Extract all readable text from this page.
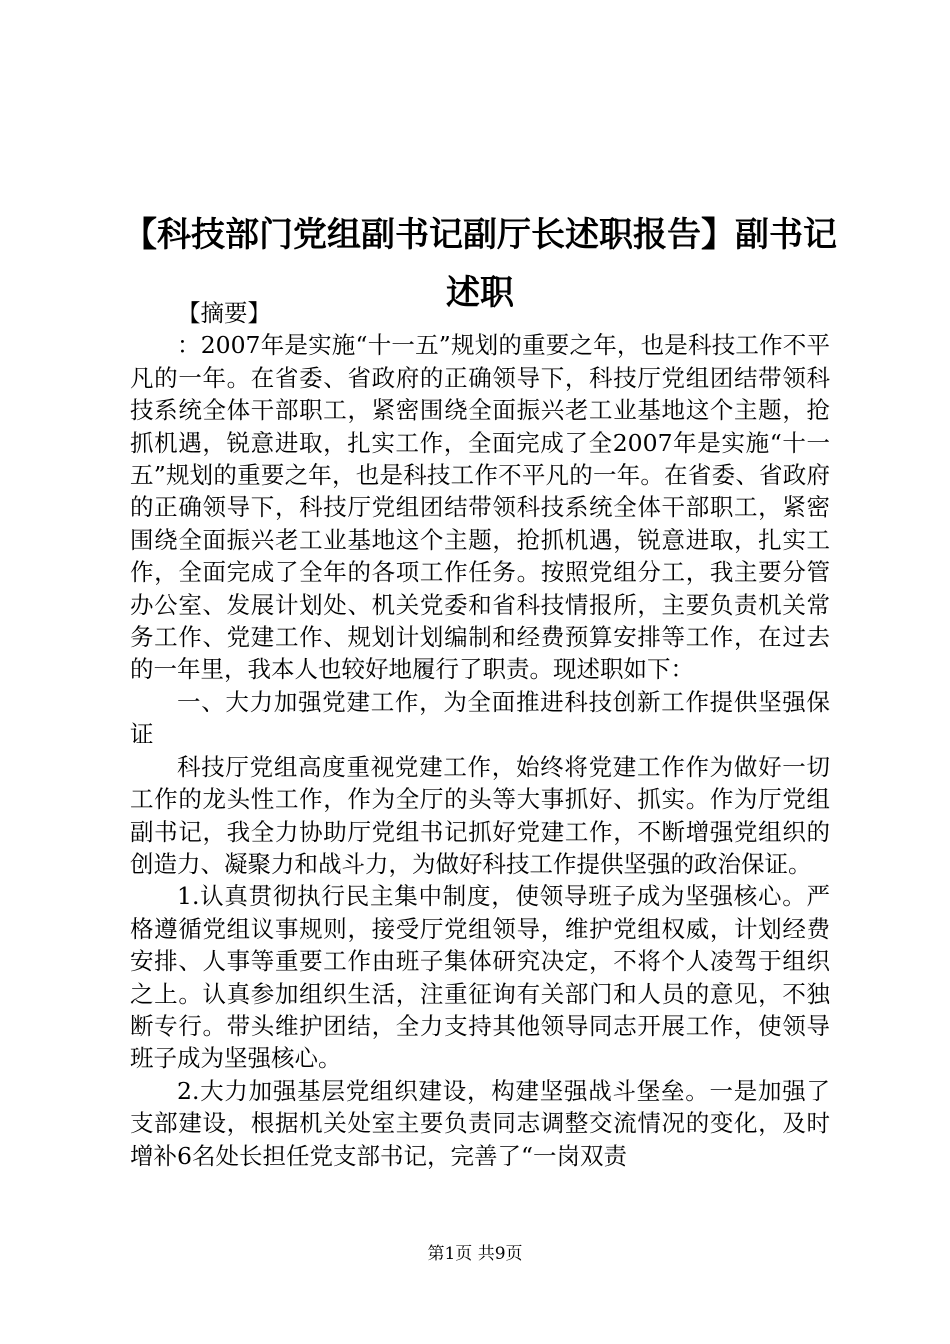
【科技部门党组副书记副厅长述职报告】副书记述职

【摘要】

：2007年是实施“十一五”规划的重要之年，也是科技工作不平凡的一年。在省委、省政府的正确领导下，科技厅党组团结带领科技系统全体干部职工，紧密围绕全面振兴老工业基地这个主题，抢抓机遇，锐意进取，扎实工作，全面完成了全2007年是实施“十一五”规划的重要之年，也是科技工作不平凡的一年。在省委、省政府的正确领导下，科技厅党组团结带领科技系统全体干部职工，紧密围绕全面振兴老工业基地这个主题，抢抓机遇，锐意进取，扎实工作，全面完成了全年的各项工作任务。按照党组分工，我主要分管办公室、发展计划处、机关党委和省科技情报所，主要负责机关常务工作、党建工作、规划计划编制和经费预算安排等工作，在过去的一年里，我本人也较好地履行了职责。现述职如下：

一、大力加强党建工作，为全面推进科技创新工作提供坚强保证

科技厅党组高度重视党建工作，始终将党建工作作为做好一切工作的龙头性工作，作为全厅的头等大事抓好、抓实。作为厅党组副书记，我全力协助厅党组书记抓好党建工作，不断增强党组织的创造力、凝聚力和战斗力，为做好科技工作提供坚强的政治保证。

1.认真贯彻执行民主集中制度，使领导班子成为坚强核心。严格遵循党组议事规则，接受厅党组领导，维护党组权威，计划经费安排、人事等重要工作由班子集体研究决定，不将个人凌驾于组织之上。认真参加组织生活，注重征询有关部门和人员的意见，不独断专行。带头维护团结，全力支持其他领导同志开展工作，使领导班子成为坚强核心。

2.大力加强基层党组织建设，构建坚强战斗堡垒。一是加强了支部建设，根据机关处室主要负责同志调整交流情况的变化，及时增补6名处长担任党支部书记，完善了“一岗双责

第1页 共9页
